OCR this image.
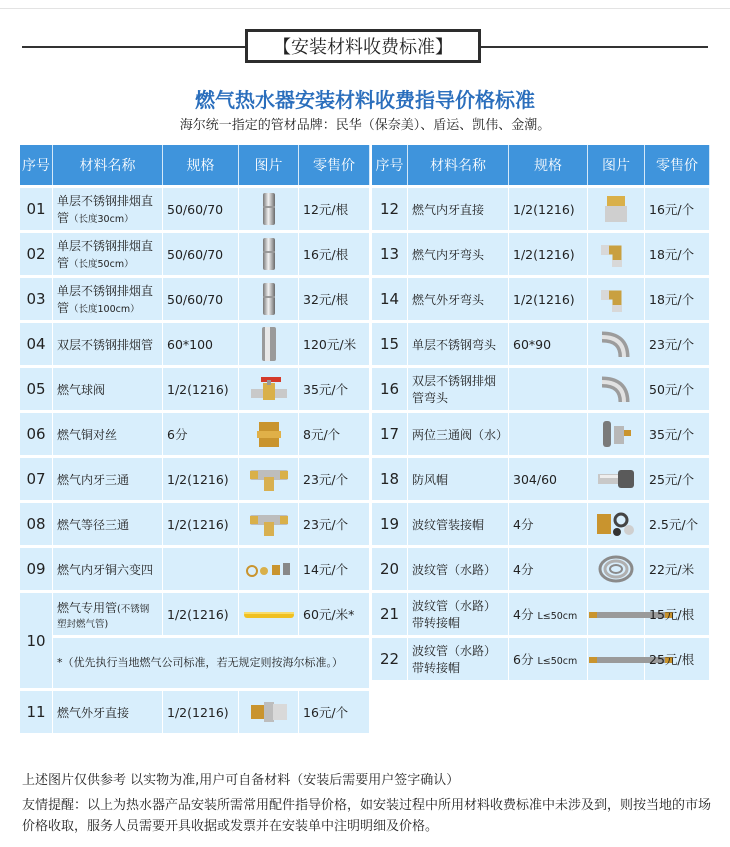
【安装材料收费标准】
燃气热水器安装材料收费指导价格标准
海尔统一指定的管材品牌：民华（保奈美）、盾运、凯伟、金潮。
序号	材料名称	规格	图片	零售价
01	单层不锈钢排烟直管（长度30cm）	50/60/70		12元/根
02	单层不锈钢排烟直管（长度50cm）	50/60/70		16元/根
03	单层不锈钢排烟直管（长度100cm）	50/60/70		32元/根
04	双层不锈钢排烟管	60*100		120元/米
05	燃气球阀	1/2(1216)		35元/个
06	燃气铜对丝	6分		8元/个
07	燃气内牙三通	1/2(1216)		23元/个
08	燃气等径三通	1/2(1216)		23元/个
09	燃气内牙铜六变四			14元/个
10	燃气专用管(不锈钢塑封燃气管)	1/2(1216)		60元/米*

	*（优先执行当地燃气公司标准，若无规定则按海尔标准。）			

11	燃气外牙直接	1/2(1216)		16元/个
序号	材料名称	规格	图片	零售价
12	燃气内牙直接	1/2(1216)		16元/个
13	燃气内牙弯头	1/2(1216)		18元/个
14	燃气外牙弯头	1/2(1216)		18元/个
15	单层不锈钢弯头	60*90		23元/个
16	双层不锈钢排烟管弯头			50元/个
17	两位三通阀（水）			35元/个
18	防风帽	304/60		25元/个
19	波纹管装接帽	4分		2.5元/个
20	波纹管（水路）	4分		22元/米
21	波纹管（水路）带转接帽	4分 L≤50cm		15元/根
22	波纹管（水路）带转接帽	6分 L≤50cm		25元/根
上述图片仅供参考 以实物为准,用户可自备材料（安装后需要用户签字确认）
友情提醒：以上为热水器产品安装所需常用配件指导价格，如安装过程中所用材料收费标准中未涉及到，则按当地的市场价格收取，服务人员需要开具收据或发票并在安装单中注明明细及价格。
